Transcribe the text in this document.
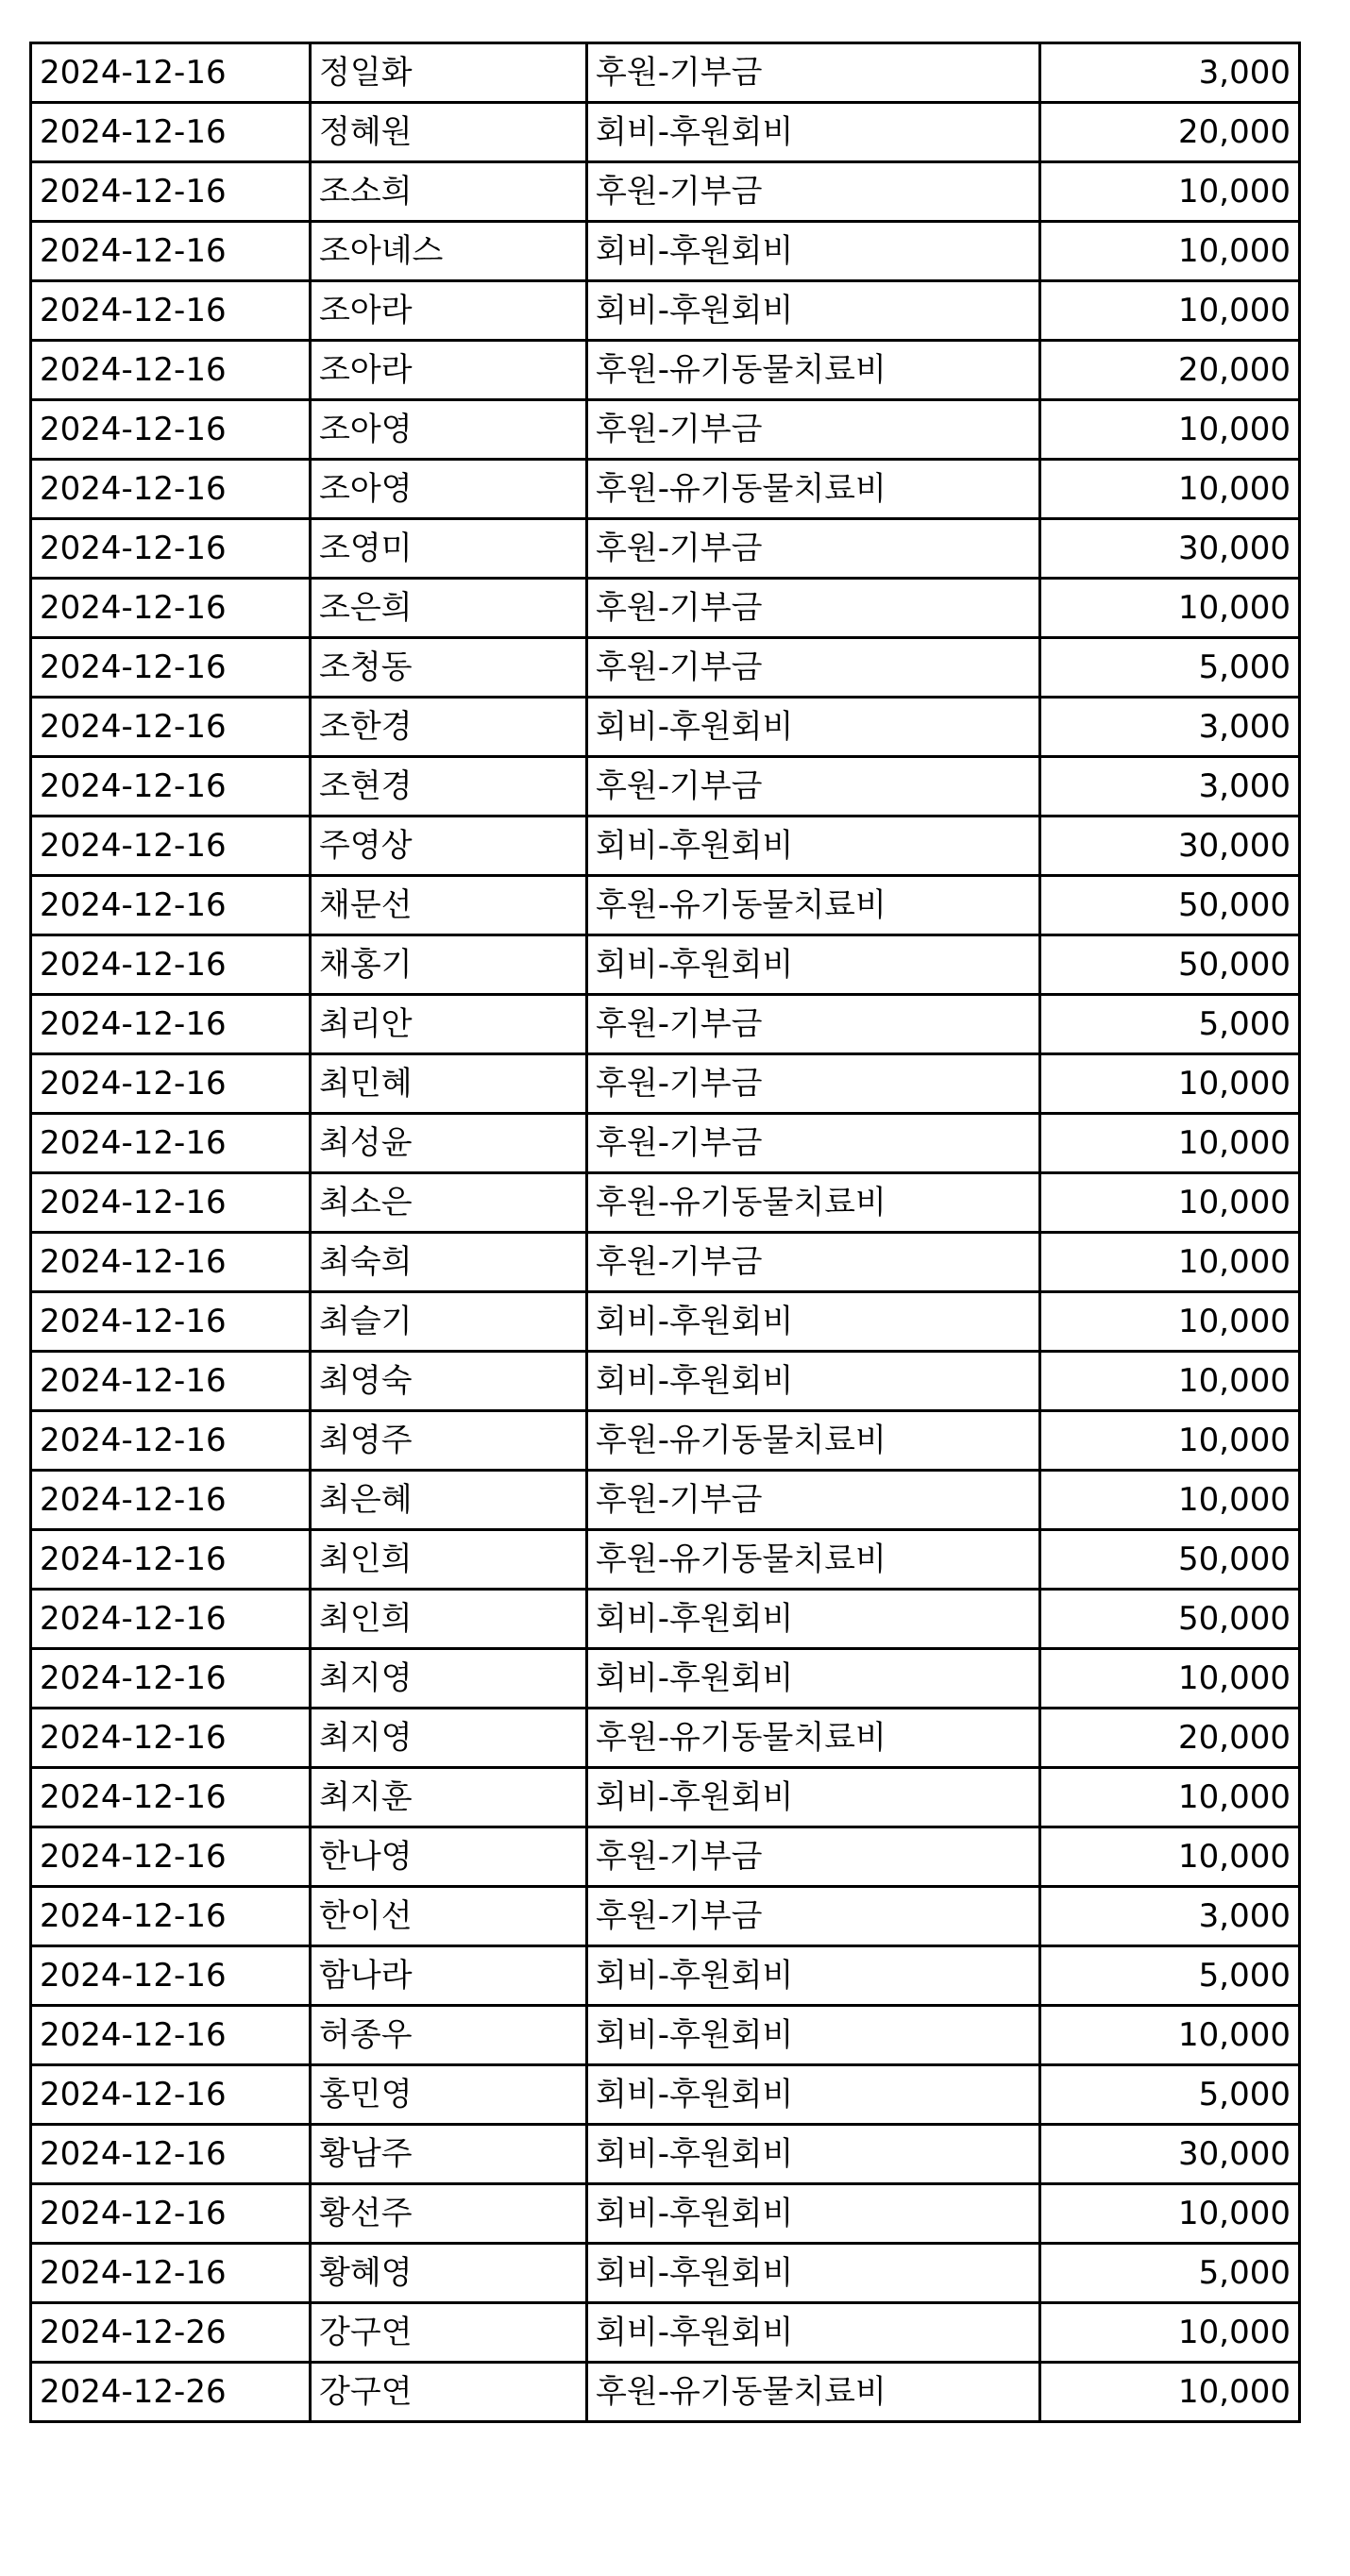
2024-12-16	정일화	후원-기부금	3,000
2024-12-16	정혜원	회비-후원회비	20,000
2024-12-16	조소희	후원-기부금	10,000
2024-12-16	조아녜스	회비-후원회비	10,000
2024-12-16	조아라	회비-후원회비	10,000
2024-12-16	조아라	후원-유기동물치료비	20,000
2024-12-16	조아영	후원-기부금	10,000
2024-12-16	조아영	후원-유기동물치료비	10,000
2024-12-16	조영미	후원-기부금	30,000
2024-12-16	조은희	후원-기부금	10,000
2024-12-16	조청동	후원-기부금	5,000
2024-12-16	조한경	회비-후원회비	3,000
2024-12-16	조현경	후원-기부금	3,000
2024-12-16	주영상	회비-후원회비	30,000
2024-12-16	채문선	후원-유기동물치료비	50,000
2024-12-16	채홍기	회비-후원회비	50,000
2024-12-16	최리안	후원-기부금	5,000
2024-12-16	최민혜	후원-기부금	10,000
2024-12-16	최성윤	후원-기부금	10,000
2024-12-16	최소은	후원-유기동물치료비	10,000
2024-12-16	최숙희	후원-기부금	10,000
2024-12-16	최슬기	회비-후원회비	10,000
2024-12-16	최영숙	회비-후원회비	10,000
2024-12-16	최영주	후원-유기동물치료비	10,000
2024-12-16	최은혜	후원-기부금	10,000
2024-12-16	최인희	후원-유기동물치료비	50,000
2024-12-16	최인희	회비-후원회비	50,000
2024-12-16	최지영	회비-후원회비	10,000
2024-12-16	최지영	후원-유기동물치료비	20,000
2024-12-16	최지훈	회비-후원회비	10,000
2024-12-16	한나영	후원-기부금	10,000
2024-12-16	한이선	후원-기부금	3,000
2024-12-16	함나라	회비-후원회비	5,000
2024-12-16	허종우	회비-후원회비	10,000
2024-12-16	홍민영	회비-후원회비	5,000
2024-12-16	황남주	회비-후원회비	30,000
2024-12-16	황선주	회비-후원회비	10,000
2024-12-16	황혜영	회비-후원회비	5,000
2024-12-26	강구연	회비-후원회비	10,000
2024-12-26	강구연	후원-유기동물치료비	10,000
